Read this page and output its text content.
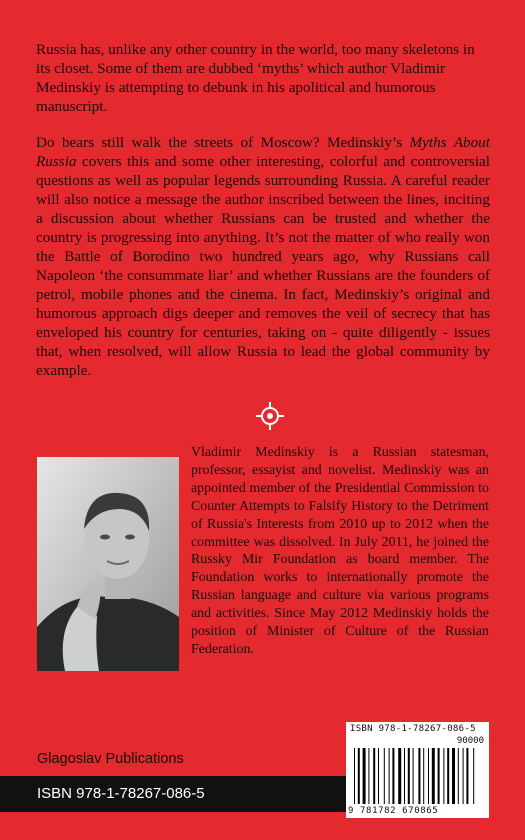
Russia has, unlike any other country in the world, too many skeletons in its closet. Some of them are dubbed ‘myths’ which author Vladimir Medinskiy is attempting to debunk in his apolitical and humorous manuscript.

Do bears still walk the streets of Moscow? Medinskiy’s Myths About Russia covers this and some other interesting, colorful and controversial questions as well as popular legends surrounding Russia. A careful reader will also notice a message the author inscribed between the lines, inciting a discussion about whether Russians can be trusted and whether the country is progressing into anything. It’s not the matter of who really won the Battle of Borodino two hundred years ago, why Russians call Napoleon ‘the consummate liar’ and whether Russians are the founders of petrol, mobile phones and the cinema. In fact, Medinskiy’s original and humorous approach digs deeper and removes the veil of secrecy that has enveloped his country for centuries, taking on - quite diligently - issues that, when resolved, will allow Russia to lead the global community by example.

Vladimir Medinskiy is a Russian statesman, professor, essayist and novelist. Medinskiy was an appointed member of the Presidential Commission to Counter Attempts to Falsify History to the Detriment of Russia's Interests from 2010 up to 2012 when the committee was dissolved. In July 2011, he joined the Russky Mir Foundation as board member. The Foundation works to internationally promote the Russian language and culture via various programs and activities. Since May 2012 Medinskiy holds the position of Minister of Culture of the Russian Federation.

ISBN 978-1-78267-086-5
90000
9 781782 670865
Glagoslav Publications
ISBN 978-1-78267-086-5
